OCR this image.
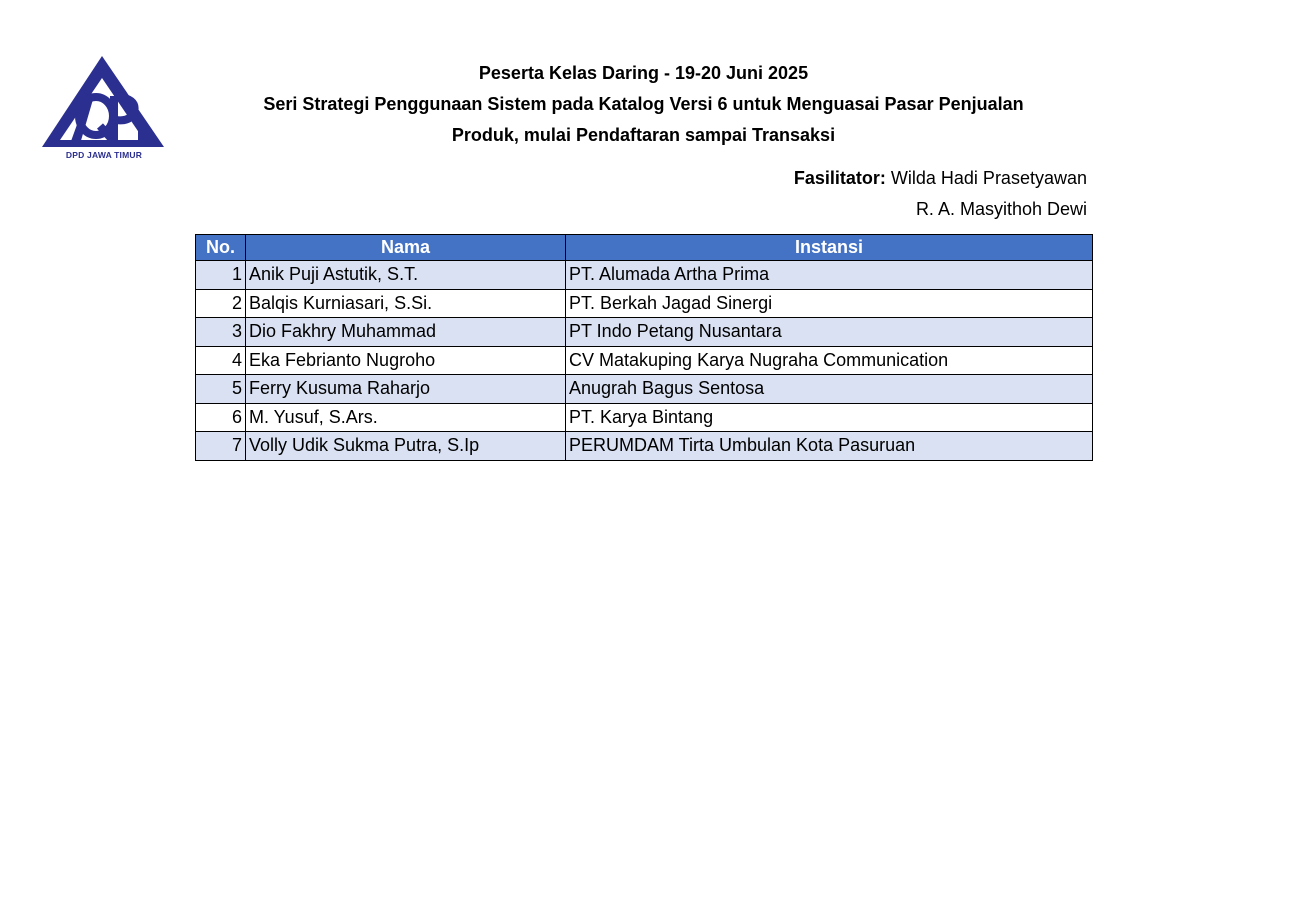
DPD JAWA TIMUR
Peserta Kelas Daring - 19-20 Juni 2025
Seri Strategi Penggunaan Sistem pada Katalog Versi 6 untuk Menguasai Pasar Penjualan
Produk, mulai Pendaftaran sampai Transaksi
Fasilitator: Wilda Hadi Prasetyawan
R. A. Masyithoh Dewi
No.	Nama	Instansi
1	Anik Puji Astutik, S.T.	PT. Alumada Artha Prima
2	Balqis Kurniasari, S.Si.	PT. Berkah Jagad Sinergi
3	Dio Fakhry Muhammad	PT Indo Petang Nusantara
4	Eka Febrianto Nugroho	CV Matakuping Karya Nugraha Communication
5	Ferry Kusuma Raharjo	Anugrah Bagus Sentosa
6	M. Yusuf, S.Ars.	PT. Karya Bintang
7	Volly Udik Sukma Putra, S.Ip	PERUMDAM Tirta Umbulan Kota Pasuruan
